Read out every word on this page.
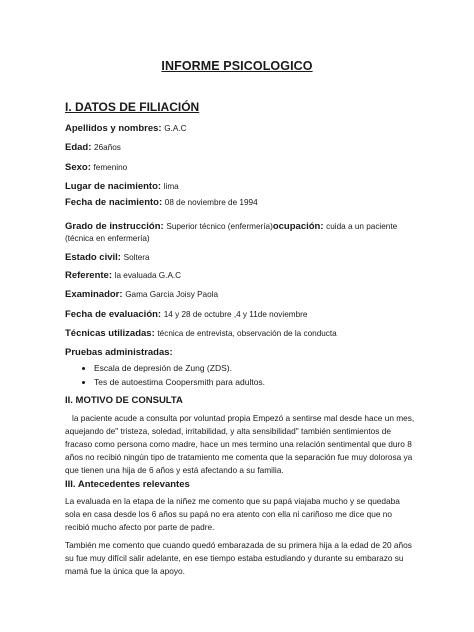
INFORME PSICOLOGICO
I. DATOS DE FILIACIÓN
Apellidos y nombres: G.A.C
Edad: 26años
Sexo: femenino
Lugar de nacimiento: lima
Fecha de nacimiento: 08 de noviembre de 1994
Grado de instrucción: Superior técnico (enfermería)ocupación: cuida a un paciente (técnica en enfermería)
Estado civil: Soltera
Referente: la evaluada G.A.C
Examinador: Gama Garcia Joisy Paola
Fecha de evaluación: 14 y 28 de octubre ,4 y 11de noviembre
Técnicas utilizadas: técnica de entrevista, observación de la conducta
Pruebas administradas:
• Escala de depresión de Zung (ZDS).
• Tes de autoestima Coopersmith para adultos.
II. MOTIVO DE CONSULTA
la paciente acude a consulta por voluntad propia Empezó a sentirse mal desde hace un mes, aquejando de" tristeza, soledad, irritabilidad, y alta sensibilidad" también sentimientos de fracaso como persona como madre, hace un mes termino una relación sentimental que duro 8 años no recibió ningún tipo de tratamiento me comenta que la separación fue muy dolorosa ya que tienen una hija de 6 años y está afectando a su familia.
III. Antecedentes relevantes
La evaluada en la etapa de la niñez me comento que su papá viajaba mucho y se quedaba sola en casa desde los 6 años su papá no era atento con ella ni cariñoso me dice que no recibió mucho afecto por parte de padre.
También me comento que cuando quedó embarazada de su primera hija a la edad de 20 años su fue muy difícil salir adelante, en ese tiempo estaba estudiando y durante su embarazo su mamá fue la única que la apoyo.
